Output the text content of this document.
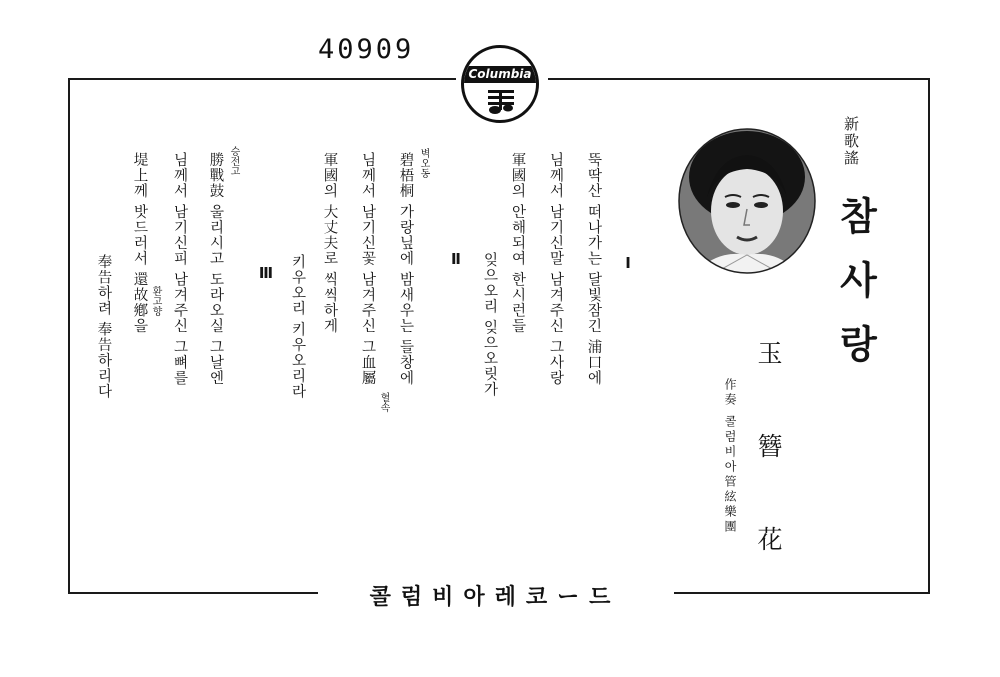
40909
Columbia
新歌謠
참사랑
玉 簪 花
作奏 콜럼비아管絃樂團
Ⅰ
뚝딱산 떠나가는 달빛잠긴 浦口에
님께서 남기신말 남겨주신 그사랑
軍國의 안해되여 한시런들
잊으오리 잊으오릿가
Ⅱ
벽오동
碧梧桐 가랑닢에 밤새우는 들창에
님께서 남기신꽃 남겨주신 그血屬
혈속
軍國의 大丈夫로 씩씩하게
키우오리 키우오리라
Ⅲ
승전고
勝戰鼓 울리시고 도라오실 그날엔
님께서 남기신피 남겨주신 그뼈를
환고향
堤上께 밧드러서 還故鄕을
奉告하려 奉告하리다
콜럼비아레코ー드
